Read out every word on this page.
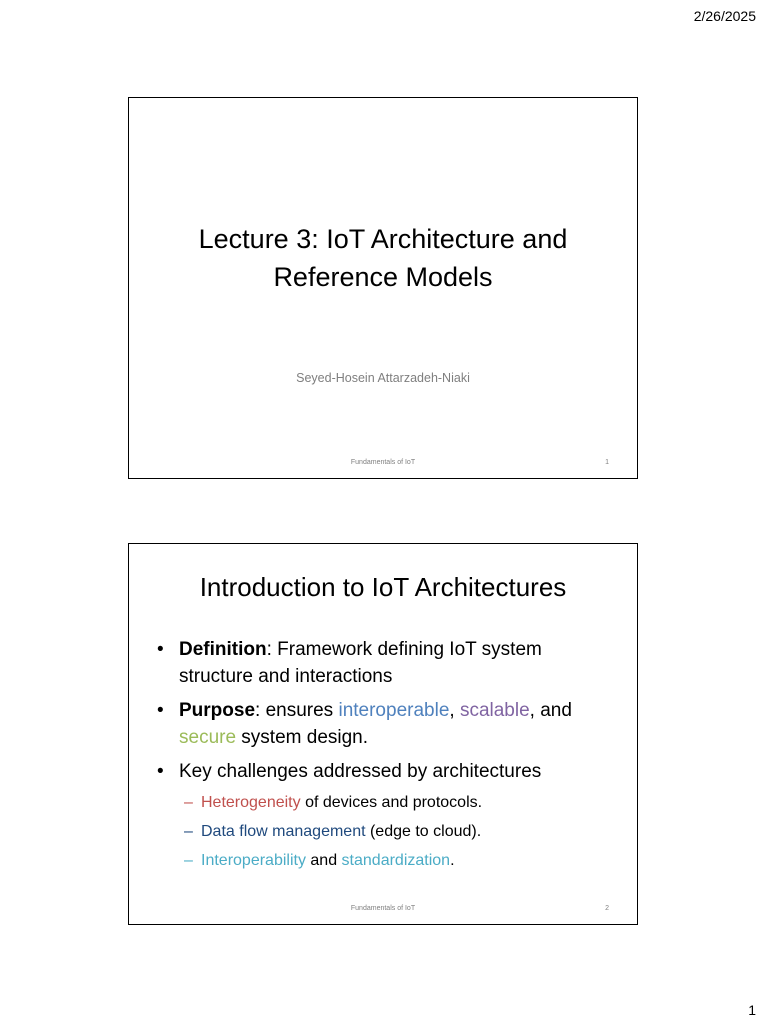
2/26/2025
Lecture 3: IoT Architecture and
Reference Models
Seyed-Hosein Attarzadeh-Niaki
Fundamentals of IoT	1
Introduction to IoT Architectures
• Definition: Framework defining IoT system structure and interactions
• Purpose: ensures interoperable, scalable, and secure system design.
• Key challenges addressed by architectures
– Heterogeneity of devices and protocols.
– Data flow management (edge to cloud).
– Interoperability and standardization.
Fundamentals of IoT	2
1
